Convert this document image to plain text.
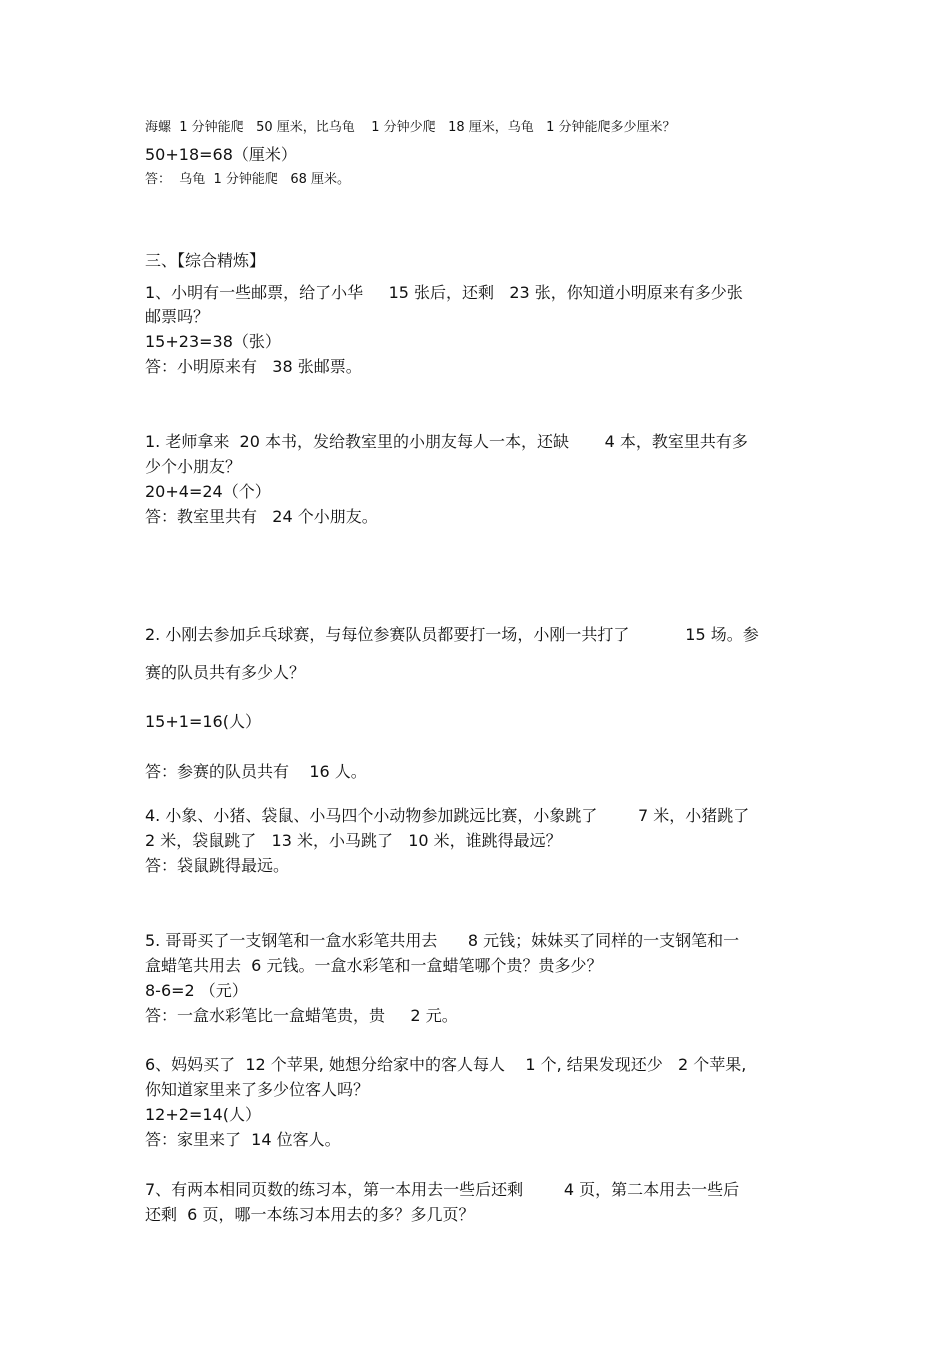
海螺  1 分钟能爬   50 厘米，比乌龟    1 分钟少爬   18 厘米，乌龟   1 分钟能爬多少厘米？
50+18=68（厘米）
答：  乌龟  1 分钟能爬   68 厘米。
三、【综合精炼】
1、小明有一些邮票，给了小华     15 张后，还剩   23 张，你知道小明原来有多少张
邮票吗？
15+23=38（张）
答：小明原来有   38 张邮票。
1. 老师拿来  20 本书，发给教室里的小朋友每人一本，还缺       4 本，教室里共有多
少个小朋友？
20+4=24（个）
答：教室里共有   24 个小朋友。
2. 小刚去参加乒乓球赛，与每位参赛队员都要打一场，小刚一共打了           15 场。参
赛的队员共有多少人？
15+1=16(人）
答：参赛的队员共有    16 人。
4. 小象、小猪、袋鼠、小马四个小动物参加跳远比赛，小象跳了        7 米，小猪跳了
2 米，袋鼠跳了   13 米，小马跳了   10 米，谁跳得最远？
答：袋鼠跳得最远。
5. 哥哥买了一支钢笔和一盒水彩笔共用去      8 元钱；妹妹买了同样的一支钢笔和一
盒蜡笔共用去  6 元钱。一盒水彩笔和一盒蜡笔哪个贵？贵多少？
8-6=2 （元）
答：一盒水彩笔比一盒蜡笔贵，贵     2 元。
6、妈妈买了  12 个苹果, 她想分给家中的客人每人    1 个, 结果发现还少   2 个苹果,
你知道家里来了多少位客人吗？
12+2=14(人）
答：家里来了  14 位客人。
7、有两本相同页数的练习本，第一本用去一些后还剩        4 页，第二本用去一些后
还剩  6 页，哪一本练习本用去的多？多几页？
